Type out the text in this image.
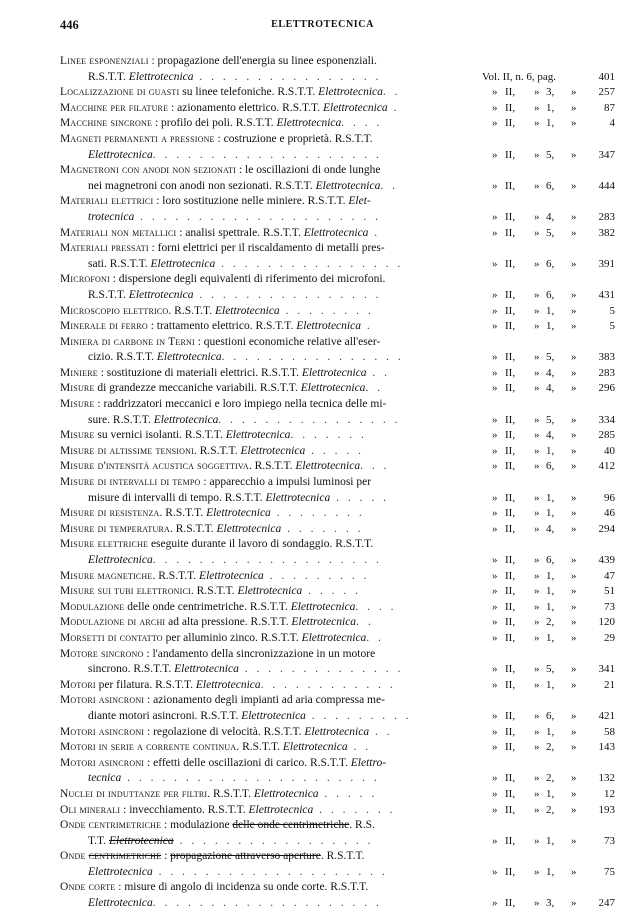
446	ELETTROTECNICA
Linee esponenziali : propagazione dell'energia su linee esponenziali.
R.S.T.T. Elettrotecnica . . . . . . . . . . . . . . . .	Vol. II, n. 6, pag.	401
Localizzazione di guasti su linee telefoniche. R.S.T.T. Elettrotecnica. .	» II, » 3, » 257
Macchine per filature : azionamento elettrico. R.S.T.T. Elettrotecnica .	» II, » 1, »	87
Macchine sincrone : profilo dei poli. R.S.T.T. Elettrotecnica. . . .	» II, » 1, »	4
Magneti permanenti a pressione : costruzione e proprietà. R.S.T.T.
Elettrotecnica. . . . . . . . . . . . . . . . . . . .	» II, » 5, » 347
Magnetroni con anodi non sezionati : le oscillazioni di onde lunghe
nei magnetroni con anodi non sezionati. R.S.T.T. Elettrotecnica. .	» II, » 6, » 444
Materiali elettrici : loro sostituzione nelle miniere. R.S.T.T. Elet-
trotecnica . . . . . . . . . . . . . . . . . . . . .	» II, » 4, » 283
Materiali non metallici : analisi spettrale. R.S.T.T. Elettrotecnica .	» II, » 5, » 382
Materiali pressati : forni elettrici per il riscaldamento di metalli pres-
sati. R.S.T.T. Elettrotecnica . . . . . . . . . . . . . . . .	» II, » 6, » 391
Microfoni : dispersione degli equivalenti di riferimento dei microfoni.
R.S.T.T. Elettrotecnica . . . . . . . . . . . . . . . .	» II, » 6, » 431
Microscopio elettrico. R.S.T.T. Elettrotecnica . . . . . . . .	» II, » 1, »	5
Minerale di ferro : trattamento elettrico. R.S.T.T. Elettrotecnica .	» II, » 1, »	5
Miniera di carbone in Terni : questioni economiche relative all'eser-
cizio. R.S.T.T. Elettrotecnica. . . . . . . . . . . . . . . .	» II, » 5, » 383
Miniere : sostituzione di materiali elettrici. R.S.T.T. Elettrotecnica . .	» II, » 4, » 283
Misure di grandezze meccaniche variabili. R.S.T.T. Elettrotecnica. .	» II, » 4, » 296
Misure : raddrizzatori meccanici e loro impiego nella tecnica delle mi-
sure. R.S.T.T. Elettrotecnica. . . . . . . . . . . . . . . .	» II, » 5, » 334
Misure su vernici isolanti. R.S.T.T. Elettrotecnica. . . . . . .	» II, » 4, » 285
Misure di altissime tensioni. R.S.T.T. Elettrotecnica . . . . .	» II, » 1, »	40
Misure d'intensità acustica soggettiva. R.S.T.T. Elettrotecnica. . .	» II, » 6, » 412
Misure di intervalli di tempo : apparecchio a impulsi luminosi per
misure di intervalli di tempo. R.S.T.T. Elettrotecnica . . . . .	» II, » 1, »	96
Misure di resistenza. R.S.T.T. Elettrotecnica . . . . . . . .	» II, » 1, »	46
Misure di temperatura. R.S.T.T. Elettrotecnica . . . . . . .	» II, » 4, » 294
Misure elettriche eseguite durante il lavoro di sondaggio. R.S.T.T.
Elettrotecnica. . . . . . . . . . . . . . . . . . . .	» II, » 6, » 439
Misure magnetiche. R.S.T.T. Elettrotecnica . . . . . . . . .	» II, » 1, »	47
Misure sui tubi elettronici. R.S.T.T. Elettrotecnica . . . . .	» II, » 1, »	51
Modulazione delle onde centrimetriche. R.S.T.T. Elettrotecnica. . . .	» II, » 1, »	73
Modulazione di archi ad alta pressione. R.S.T.T. Elettrotecnica. .	» II, » 2, » 120
Morsetti di contatto per alluminio zinco. R.S.T.T. Elettrotecnica. .	» II, » 1, »	29
Motore sincrono : l'andamento della sincronizzazione in un motore
sincrono. R.S.T.T. Elettrotecnica . . . . . . . . . . . . . .	» II, » 5, » 341
Motori per filatura. R.S.T.T. Elettrotecnica. . . . . . . . . . . .	» II, » 1, »	21
Motori asincroni : azionamento degli impianti ad aria compressa me-
diante motori asincroni. R.S.T.T. Elettrotecnica . . . . . . . . .	» II, » 6, » 421
Motori asincroni : regolazione di velocità. R.S.T.T. Elettrotecnica . .	» II, » 1, »	58
Motori in serie a corrente continua. R.S.T.T. Elettrotecnica . .	» II, » 2, » 143
Motori asincroni : effetti delle oscillazioni di carico. R.S.T.T. Elettro-
tecnica . . . . . . . . . . . . . . . . . . . . . .	» II, » 2, » 132
Nuclei di induttanze per filtri. R.S.T.T. Elettrotecnica . . . . .	» II, » 1, »	12
Oli minerali : invecchiamento. R.S.T.T. Elettrotecnica . . . . . . .	» II, » 2, » 193
Onde centrimetriche : modulazione delle onde centrimetriche. R.S.
T.T. Elettrotecnica . . . . . . . . . . . . . . . . .	» II, » 1, »	73
Onde centrimetriche : propagazione attraverso aperture. R.S.T.T.
Elettrotecnica . . . . . . . . . . . . . . . . . . . .	» II, » 1, »	75
Onde corte : misure di angolo di incidenza su onde corte. R.S.T.T.
Elettrotecnica. . . . . . . . . . . . . . . . . . . .	» II, » 3, » 247
